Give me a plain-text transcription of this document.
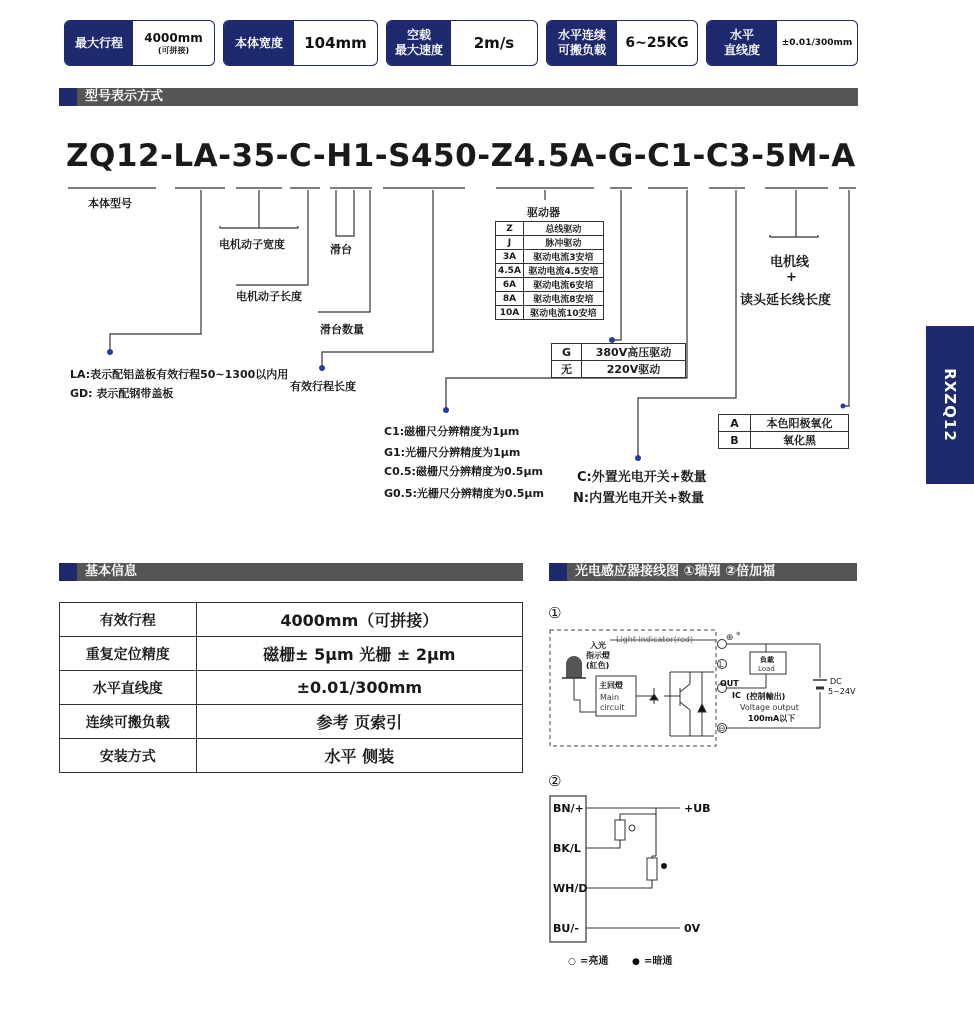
最大行程	4000mm
(可拼接)
本体宽度	104mm	空载
最大速度	2m/s	水平连续
可搬负载	6~25KG	水平
直线度	±0.01/300mm
型号表示方式
ZQ12-LA-35-C-H1-S450-Z4.5A-G-C1-C3-5M-A
本体型号
电机动子宽度	滑台
电机动子长度
滑台数量
LA:表示配铝盖板有效行程50~1300以内用
GD: 表示配钢带盖板
有效行程长度
驱动器
Z	总线驱动
J	脉冲驱动
3A	驱动电流3安培
4.5A	驱动电流4.5安培
6A	驱动电流6安培
8A	驱动电流8安培
10A	驱动电流10安培
G	380V高压驱动
无	220V驱动
C1:磁栅尺分辨精度为1μm
G1:光栅尺分辨精度为1μm
C0.5:磁栅尺分辨精度为0.5μm
G0.5:光栅尺分辨精度为0.5μm
C:外置光电开关+数量
N:内置光电开关+数量
电机线
+
读头延长线长度
A	本色阳极氧化
B	氧化黑	RXZQ12
基本信息
有效行程	4000mm（可拼接）
重复定位精度	磁栅± 5μm 光栅 ± 2μm
水平直线度	±0.01/300mm
连续可搬负载	参考 页索引
安装方式	水平 侧装
光电感应器接线图 ①瑞翔 ②倍加福
①
Light indicator(red)
入光
指示燈
(紅色)
主回燈
Main
circuit
⊕ *
L
OUT
IC
⊖
負載
Load
DC
5~24V
(控制輸出)
Voltage output
100mA以下
②
BN/+
BK/L
WH/D
BU/-
+UB
0V
○ =亮通	● =暗通
